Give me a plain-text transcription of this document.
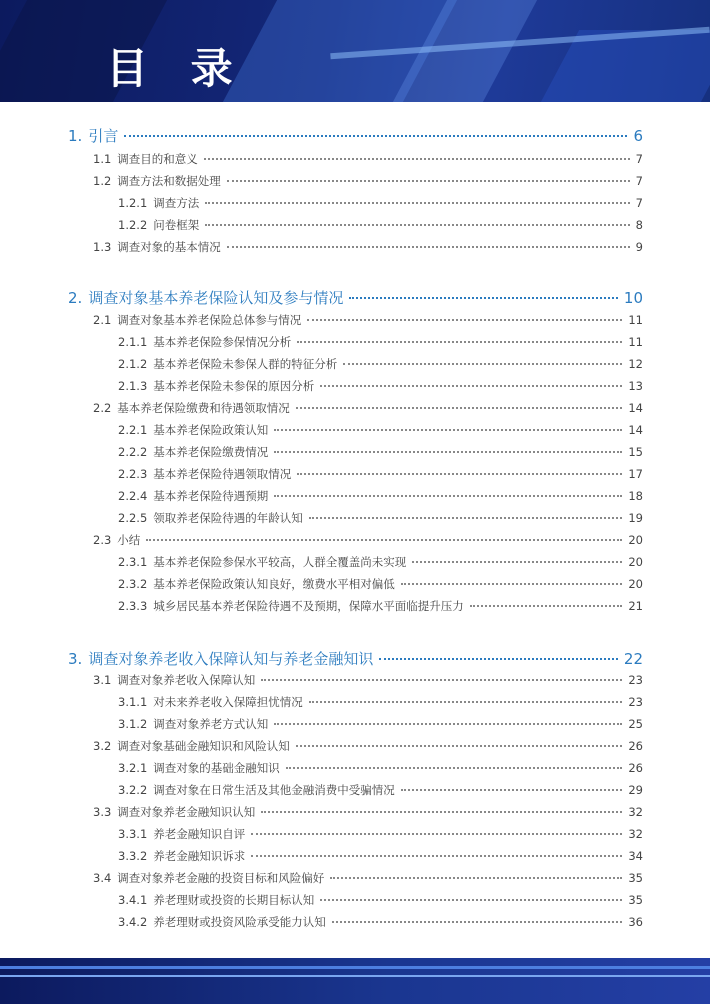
目 录
1. 引言	6
1.1 调查目的和意义	7
1.2 调查方法和数据处理	7
1.2.1 调查方法	7
1.2.2 问卷框架	8
1.3 调查对象的基本情况	9
2. 调查对象基本养老保险认知及参与情况	10
2.1 调查对象基本养老保险总体参与情况	11
2.1.1 基本养老保险参保情况分析	11
2.1.2 基本养老保险未参保人群的特征分析	12
2.1.3 基本养老保险未参保的原因分析	13
2.2 基本养老保险缴费和待遇领取情况	14
2.2.1 基本养老保险政策认知	14
2.2.2 基本养老保险缴费情况	15
2.2.3 基本养老保险待遇领取情况	17
2.2.4 基本养老保险待遇预期	18
2.2.5 领取养老保险待遇的年龄认知	19
2.3 小结	20
2.3.1 基本养老保险参保水平较高，人群全覆盖尚未实现	20
2.3.2 基本养老保险政策认知良好，缴费水平相对偏低	20
2.3.3 城乡居民基本养老保险待遇不及预期，保障水平面临提升压力	21
3. 调查对象养老收入保障认知与养老金融知识	22
3.1 调查对象养老收入保障认知	23
3.1.1 对未来养老收入保障担忧情况	23
3.1.2 调查对象养老方式认知	25
3.2 调查对象基础金融知识和风险认知	26
3.2.1 调查对象的基础金融知识	26
3.2.2 调查对象在日常生活及其他金融消费中受骗情况	29
3.3 调查对象养老金融知识认知	32
3.3.1 养老金融知识自评	32
3.3.2 养老金融知识诉求	34
3.4 调查对象养老金融的投资目标和风险偏好	35
3.4.1 养老理财或投资的长期目标认知	35
3.4.2 养老理财或投资风险承受能力认知	36
